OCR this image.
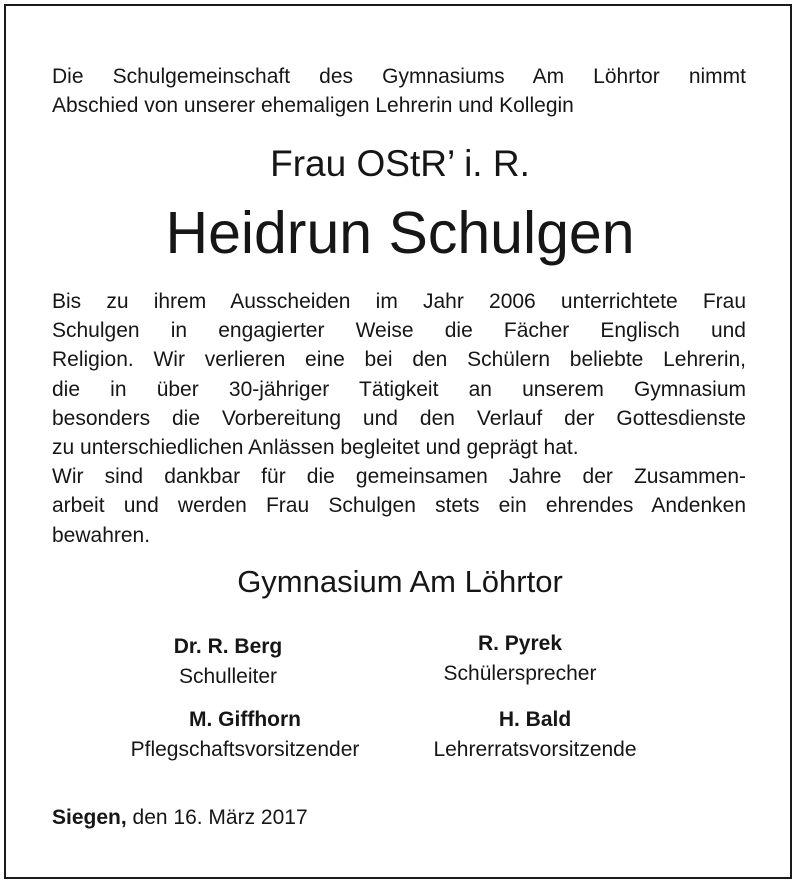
Die Schulgemeinschaft des Gymnasiums Am Löhrtor nimmt
Abschied von unserer ehemaligen Lehrerin und Kollegin

Frau OStR’ i. R.
Heidrun Schulgen

Bis zu ihrem Ausscheiden im Jahr 2006 unterrichtete Frau
Schulgen in engagierter Weise die Fächer Englisch und
Religion. Wir verlieren eine bei den Schülern beliebte Lehrerin,
die in über 30-jähriger Tätigkeit an unserem Gymnasium
besonders die Vorbereitung und den Verlauf der Gottesdienste
zu unterschiedlichen Anlässen begleitet und geprägt hat.
Wir sind dankbar für die gemeinsamen Jahre der Zusammen-
arbeit und werden Frau Schulgen stets ein ehrendes Andenken
bewahren.

Gymnasium Am Löhrtor
Dr. R. Berg
Schulleiter
R. Pyrek
Schülersprecher
M. Giffhorn
Pflegschaftsvorsitzender
H. Bald
Lehrerratsvorsitzende

Siegen, den 16. März 2017
